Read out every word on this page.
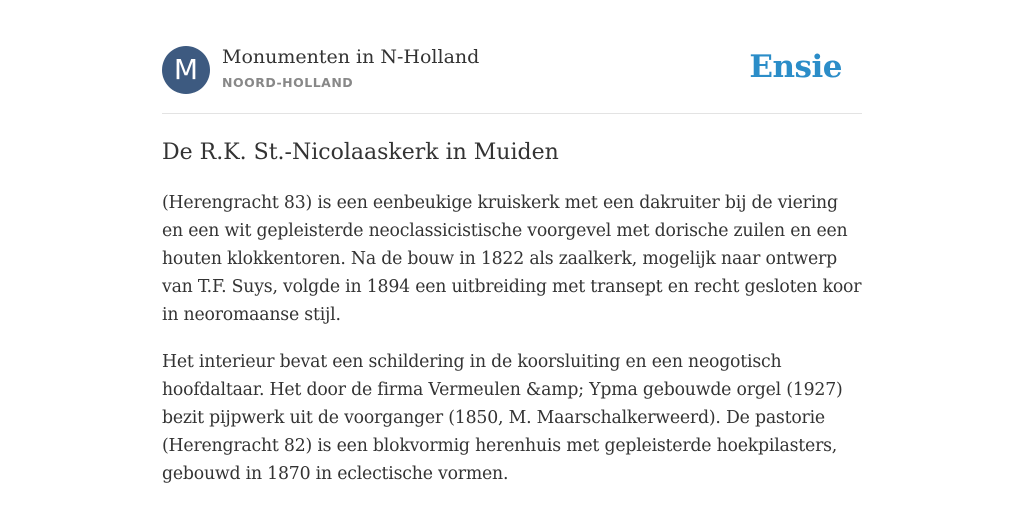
M	Monumenten in N-Holland
NOORD-HOLLAND	Ensie
De R.K. St.-Nicolaaskerk in Muiden

(Herengracht 83) is een eenbeukige kruiskerk met een dakruiter bij de viering en een wit gepleisterde neoclassicistische voorgevel met dorische zuilen en een houten klokkentoren. Na de bouw in 1822 als zaalkerk, mogelijk naar ontwerp van T.F. Suys, volgde in 1894 een uitbreiding met transept en recht gesloten koor in neoromaanse stijl.

Het interieur bevat een schildering in de koorsluiting en een neogotisch hoofdaltaar. Het door de firma Vermeulen &amp; Ypma gebouwde orgel (1927) bezit pijpwerk uit de voorganger (1850, M. Maarschalkerweerd). De pastorie (Herengracht 82) is een blokvormig herenhuis met gepleisterde hoekpilasters, gebouwd in 1870 in eclectische vormen.
